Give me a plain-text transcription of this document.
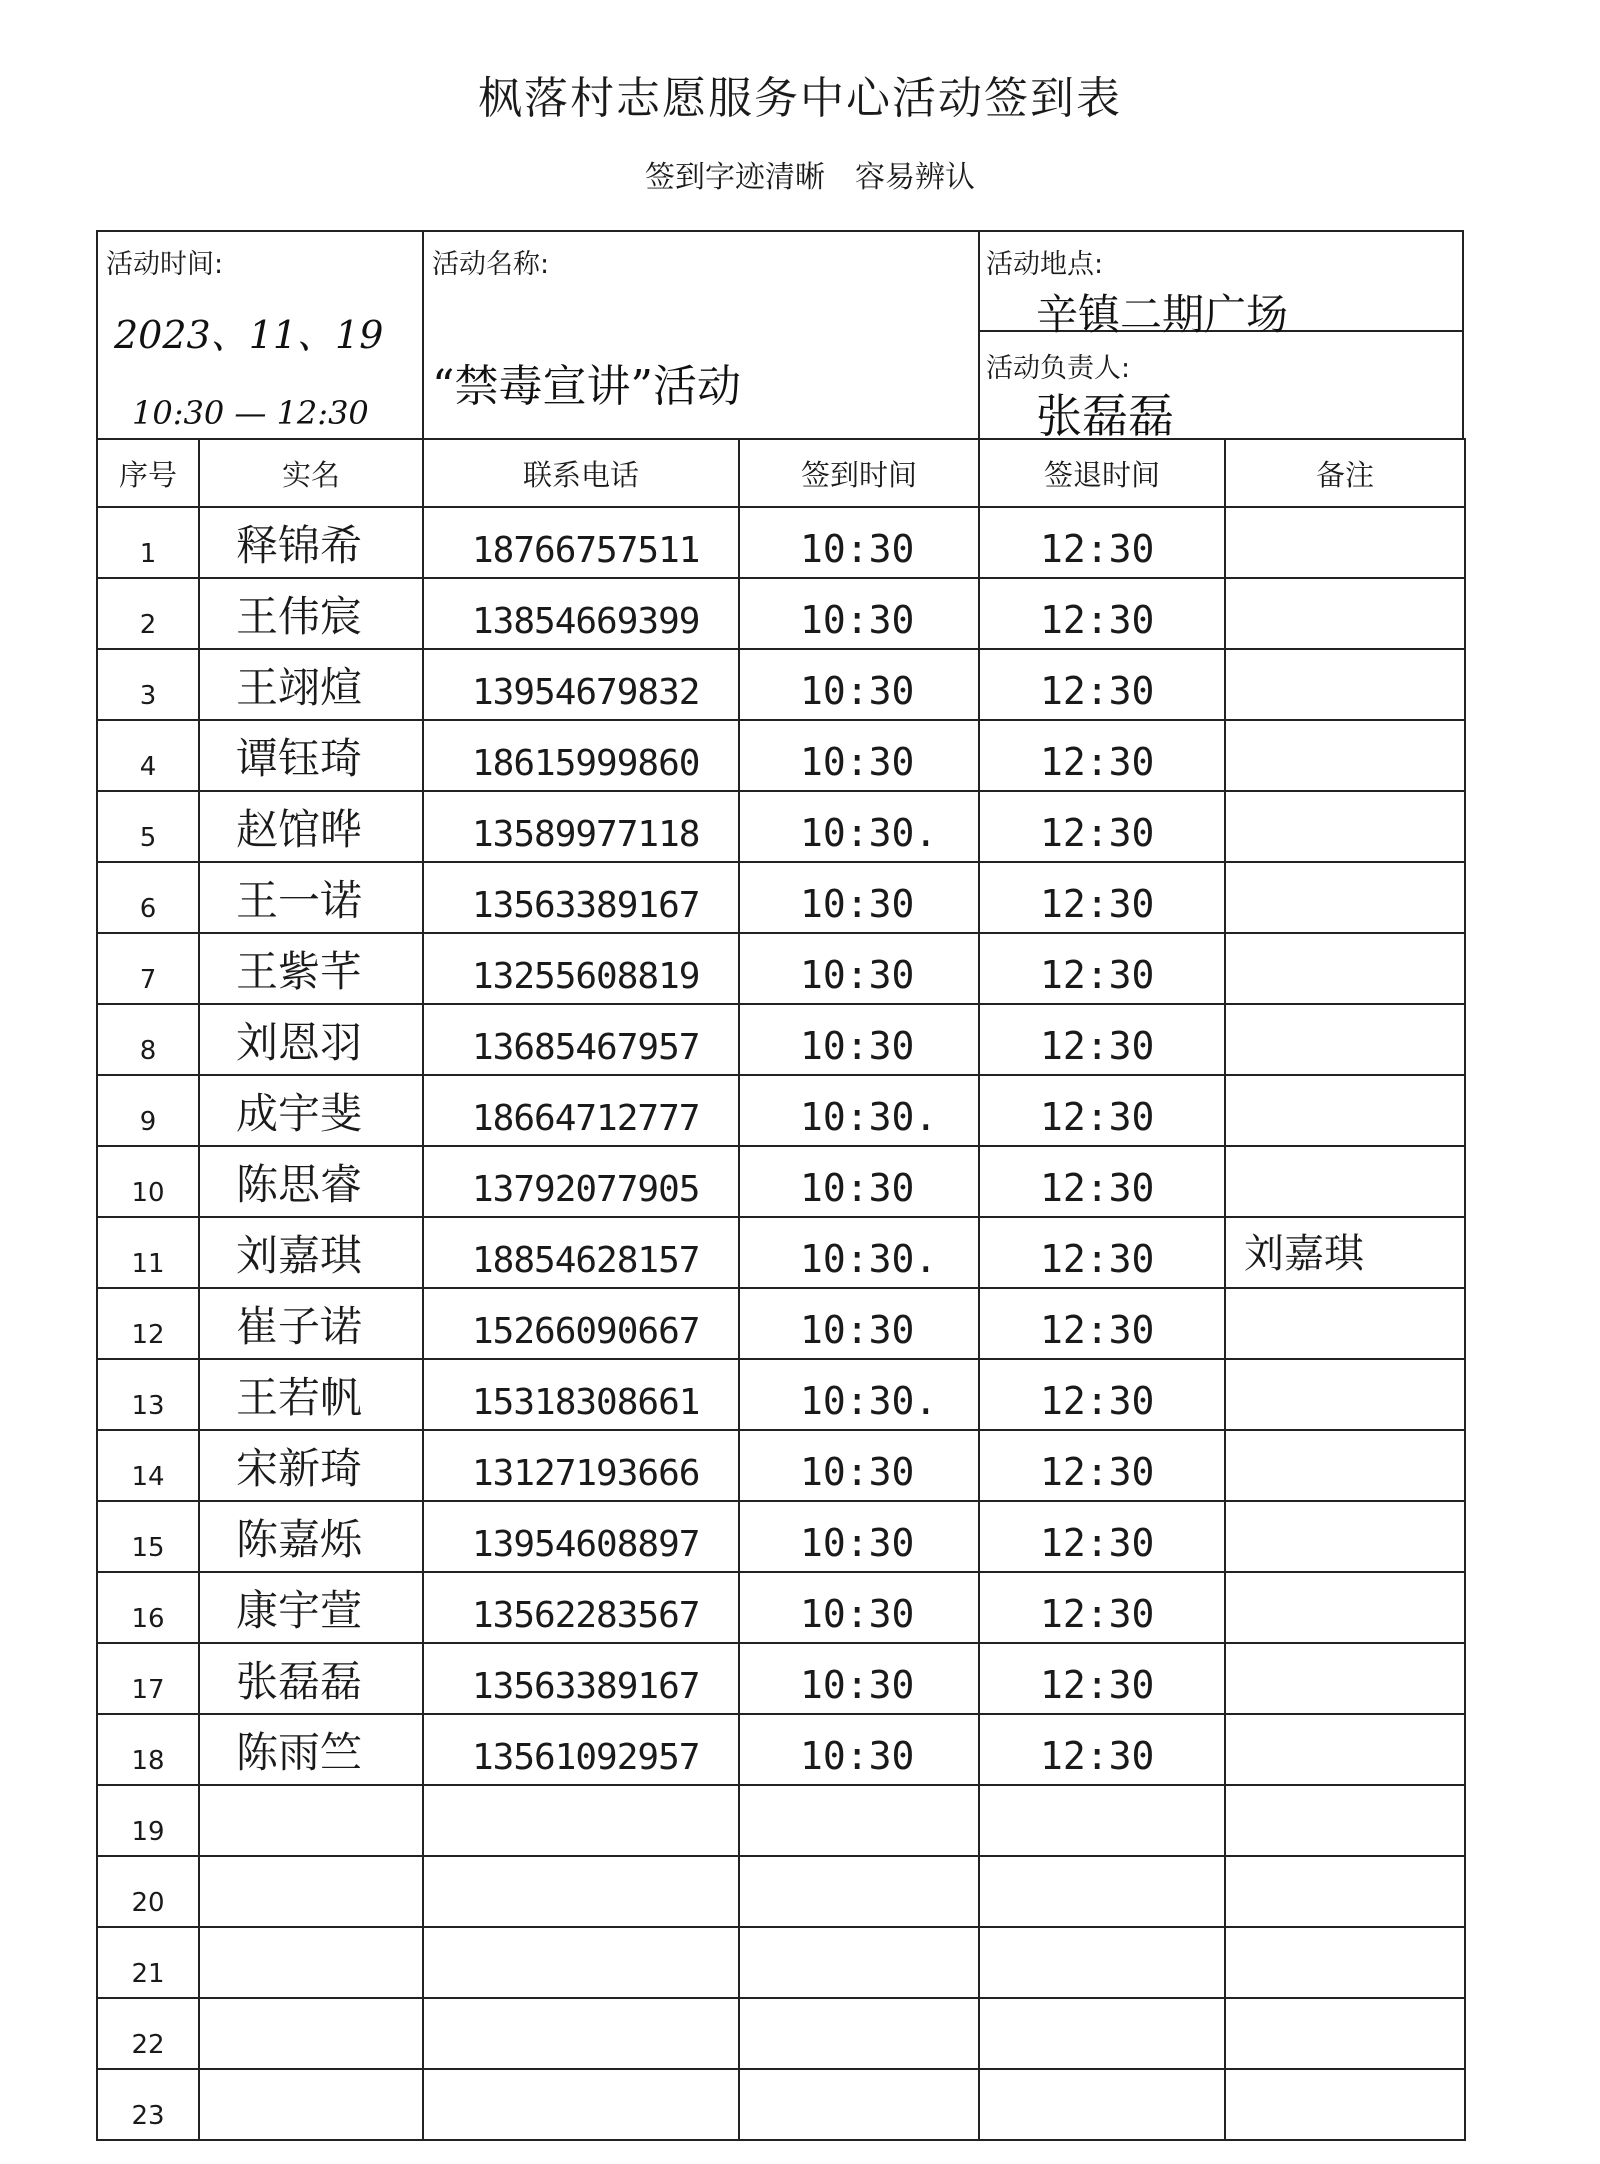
枫落村志愿服务中心活动签到表
签到字迹清晰　容易辨认
活动时间:
2023、11、19
10:30 — 12:30
活动名称:
“禁毒宣讲”活动
活动地点:
辛镇二期广场
活动负责人:
张磊磊
序号	实名	联系电话	签到时间	签退时间	备注
1	释锦希	18766757511	10:30	12:30	
2	王伟宸	13854669399	10:30	12:30	
3	王翊煊	13954679832	10:30	12:30	
4	谭钰琦	18615999860	10:30	12:30	
5	赵馆晔	13589977118	10:30.	12:30	
6	王一诺	13563389167	10:30	12:30	
7	王紫芊	13255608819	10:30	12:30	
8	刘恩羽	13685467957	10:30	12:30	
9	成宇斐	18664712777	10:30.	12:30	
10	陈思睿	13792077905	10:30	12:30	
11	刘嘉琪	18854628157	10:30.	12:30	刘嘉琪
12	崔子诺	15266090667	10:30	12:30	
13	王若帆	15318308661	10:30.	12:30	
14	宋新琦	13127193666	10:30	12:30	
15	陈嘉烁	13954608897	10:30	12:30	
16	康宇萱	13562283567	10:30	12:30	
17	张磊磊	13563389167	10:30	12:30	
18	陈雨竺	13561092957	10:30	12:30	
19					
20					
21					
22					
23					
